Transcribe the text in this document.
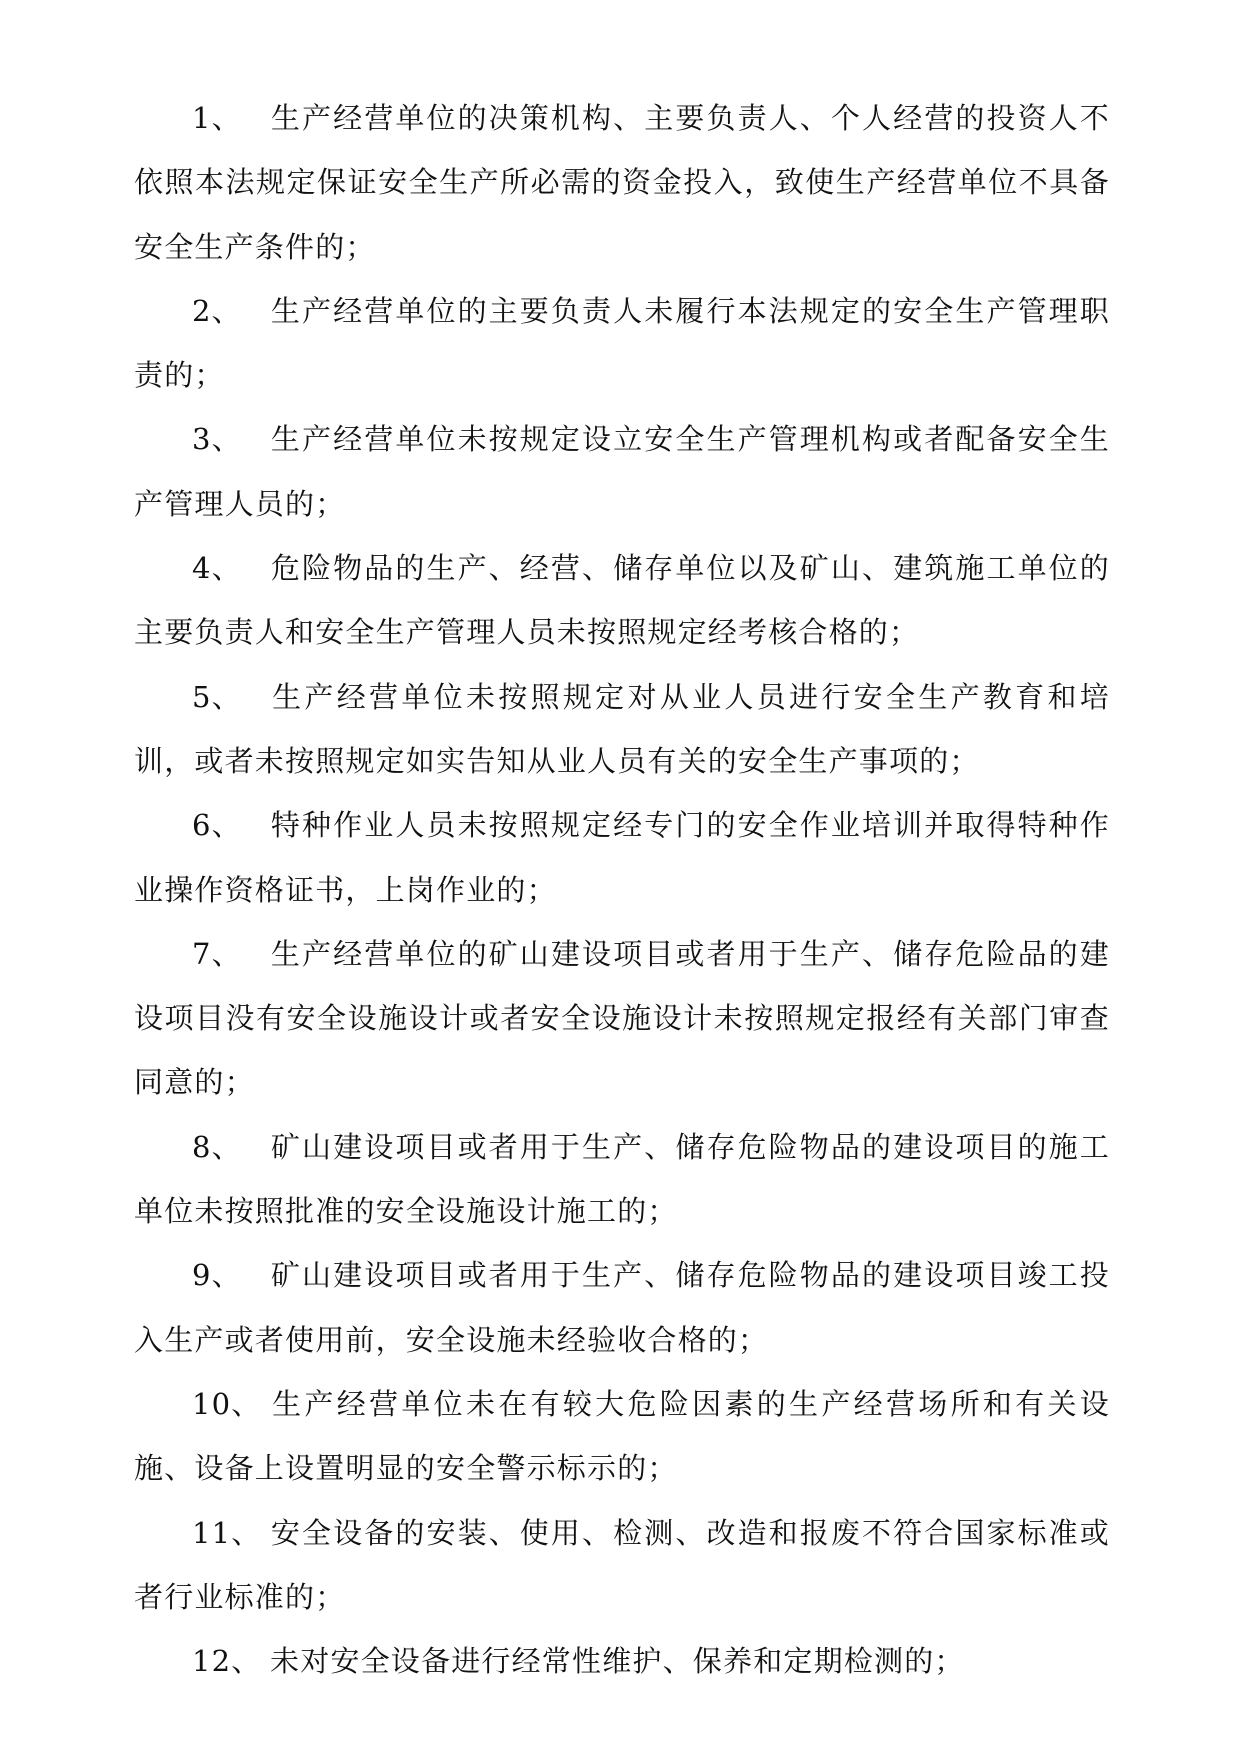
1、 生产经营单位的决策机构、主要负责人、个人经营的投资人不依照本法规定保证安全生产所必需的资金投入，致使生产经营单位不具备安全生产条件的；

2、 生产经营单位的主要负责人未履行本法规定的安全生产管理职责的；

3、 生产经营单位未按规定设立安全生产管理机构或者配备安全生产管理人员的；

4、 危险物品的生产、经营、储存单位以及矿山、建筑施工单位的主要负责人和安全生产管理人员未按照规定经考核合格的；

5、 生产经营单位未按照规定对从业人员进行安全生产教育和培训，或者未按照规定如实告知从业人员有关的安全生产事项的；

6、 特种作业人员未按照规定经专门的安全作业培训并取得特种作业操作资格证书，上岗作业的；

7、 生产经营单位的矿山建设项目或者用于生产、储存危险品的建设项目没有安全设施设计或者安全设施设计未按照规定报经有关部门审查同意的；

8、 矿山建设项目或者用于生产、储存危险物品的建设项目的施工单位未按照批准的安全设施设计施工的；

9、 矿山建设项目或者用于生产、储存危险物品的建设项目竣工投入生产或者使用前，安全设施未经验收合格的；

10、 生产经营单位未在有较大危险因素的生产经营场所和有关设施、设备上设置明显的安全警示标示的；

11、 安全设备的安装、使用、检测、改造和报废不符合国家标准或者行业标准的；

12、 未对安全设备进行经常性维护、保养和定期检测的；
